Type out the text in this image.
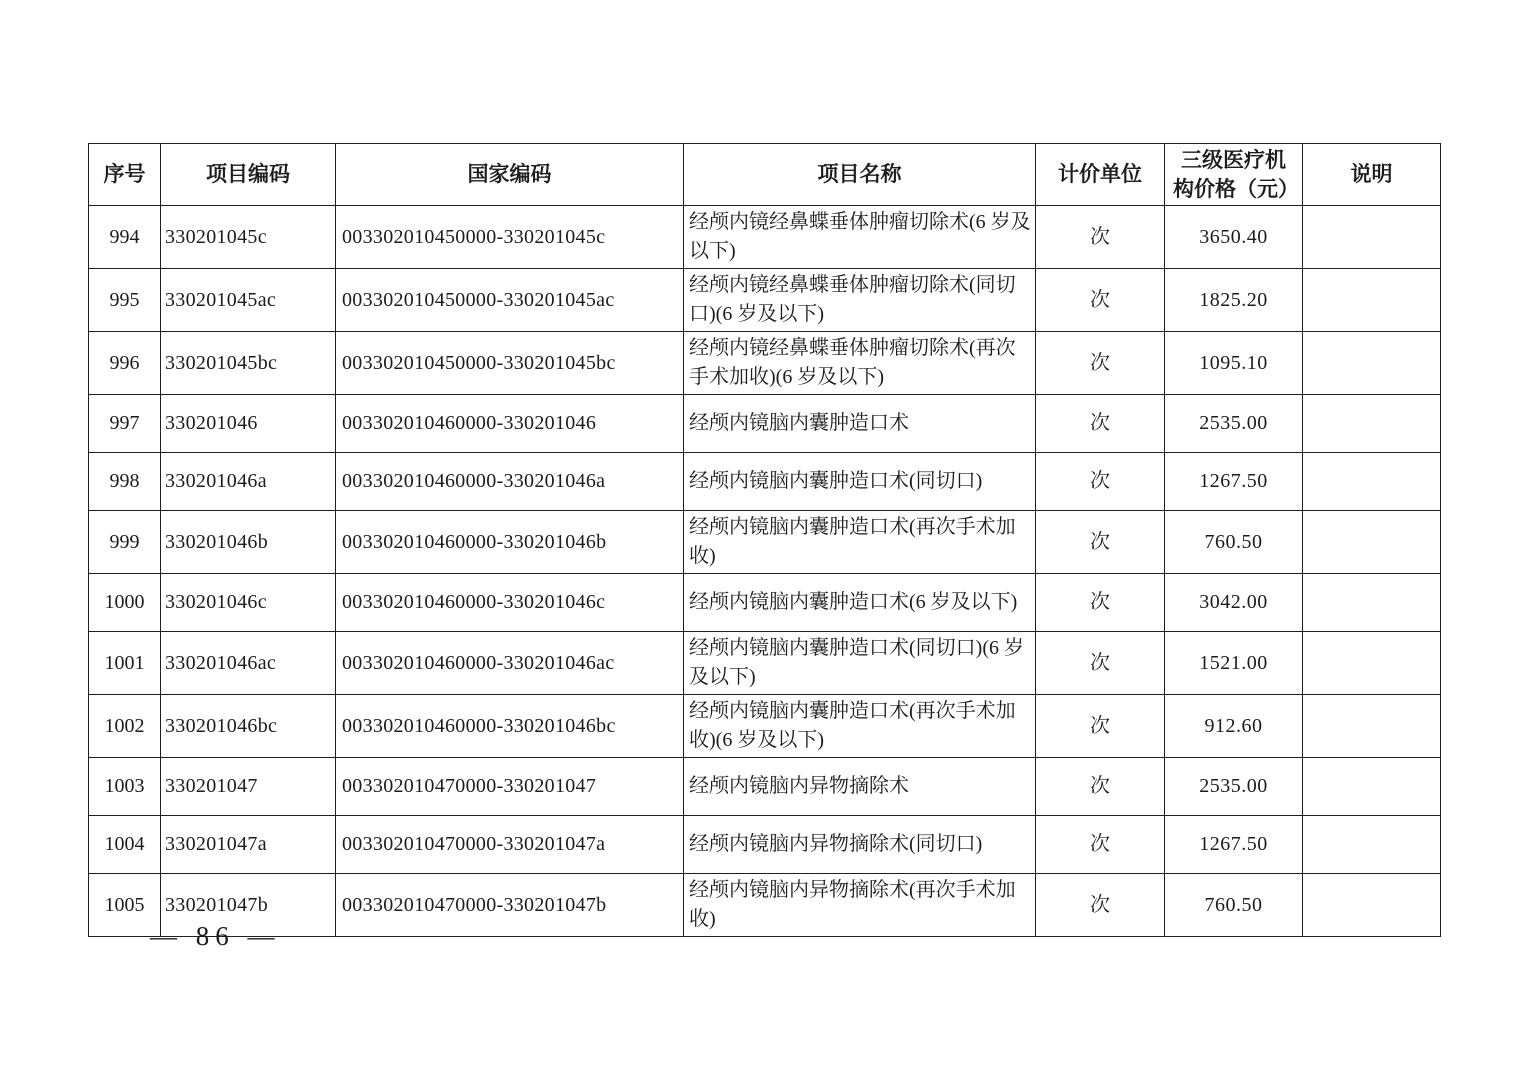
序号	项目编码	国家编码	项目名称	计价单位	三级医疗机构价格（元）	说明
994	330201045c	003302010450000-330201045c	经颅内镜经鼻蝶垂体肿瘤切除术(6 岁及以下)	次	3650.40	
995	330201045ac	003302010450000-330201045ac	经颅内镜经鼻蝶垂体肿瘤切除术(同切口)(6 岁及以下)	次	1825.20	
996	330201045bc	003302010450000-330201045bc	经颅内镜经鼻蝶垂体肿瘤切除术(再次手术加收)(6 岁及以下)	次	1095.10	
997	330201046	003302010460000-330201046	经颅内镜脑内囊肿造口术	次	2535.00	
998	330201046a	003302010460000-330201046a	经颅内镜脑内囊肿造口术(同切口)	次	1267.50	
999	330201046b	003302010460000-330201046b	经颅内镜脑内囊肿造口术(再次手术加收)	次	760.50	
1000	330201046c	003302010460000-330201046c	经颅内镜脑内囊肿造口术(6 岁及以下)	次	3042.00	
1001	330201046ac	003302010460000-330201046ac	经颅内镜脑内囊肿造口术(同切口)(6 岁及以下)	次	1521.00	
1002	330201046bc	003302010460000-330201046bc	经颅内镜脑内囊肿造口术(再次手术加收)(6 岁及以下)	次	912.60	
1003	330201047	003302010470000-330201047	经颅内镜脑内异物摘除术	次	2535.00	
1004	330201047a	003302010470000-330201047a	经颅内镜脑内异物摘除术(同切口)	次	1267.50	
1005	330201047b	003302010470000-330201047b	经颅内镜脑内异物摘除术(再次手术加收)	次	760.50	
— 86 —
